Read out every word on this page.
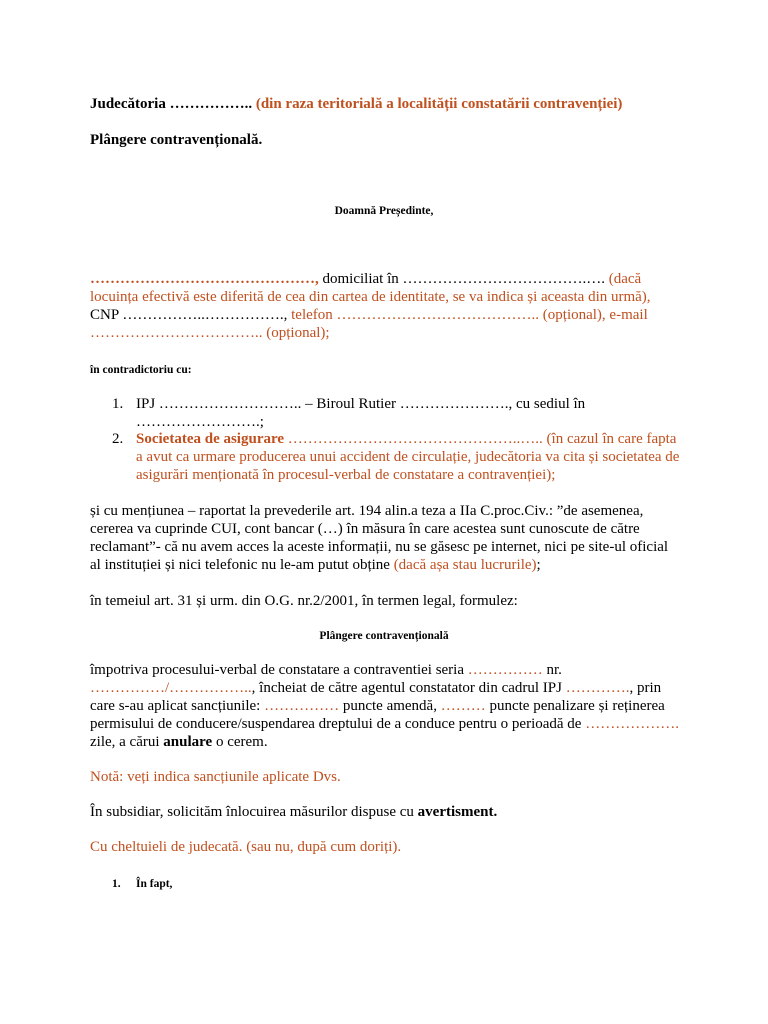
Judecătoria …………….. (din raza teritorială a localității constatării contravenției)

Plângere contravențională.

Doamnă Președinte,

………………………………………, domiciliat în ……………………………….…. (dacă locuința efectivă este diferită de cea din cartea de identitate, se va indica și aceasta din urmă), CNP ……………..……………., telefon ………………………………….. (opțional), e-mail …………………………….. (opțional);

în contradictoriu cu:

1. IPJ ……………………….. – Biroul Rutier …………………., cu sediul în …………………….;

2. Societatea de asigurare ………………………………………..….. (în cazul în care fapta a avut ca urmare producerea unui accident de circulație, judecătoria va cita și societatea de asigurări menționată în procesul-verbal de constatare a contravenției);

și cu mențiunea – raportat la prevederile art. 194 alin.a teza a IIa C.proc.Civ.: ”de asemenea, cererea va cuprinde CUI, cont bancar (…) în măsura în care acestea sunt cunoscute de către reclamant”- că nu avem acces la aceste informații, nu se găsesc pe internet, nici pe site-ul oficial al instituției și nici telefonic nu le-am putut obține (dacă așa stau lucrurile);

în temeiul art. 31 și urm. din O.G. nr.2/2001, în termen legal, formulez:

Plângere contravențională

împotriva procesului-verbal de constatare a contraventiei seria …………… nr. ……………/…………….., încheiat de către agentul constatator din cadrul IPJ …………., prin care s-au aplicat sancțiunile: …………… puncte amendă, ……… puncte penalizare și reținerea permisului de conducere/suspendarea dreptului de a conduce pentru o perioadă de ………………. zile, a cărui anulare o cerem.

Notă: veți indica sancțiunile aplicate Dvs.

În subsidiar, solicităm înlocuirea măsurilor dispuse cu avertisment.

Cu cheltuieli de judecată. (sau nu, după cum doriți).

1.	În fapt,
